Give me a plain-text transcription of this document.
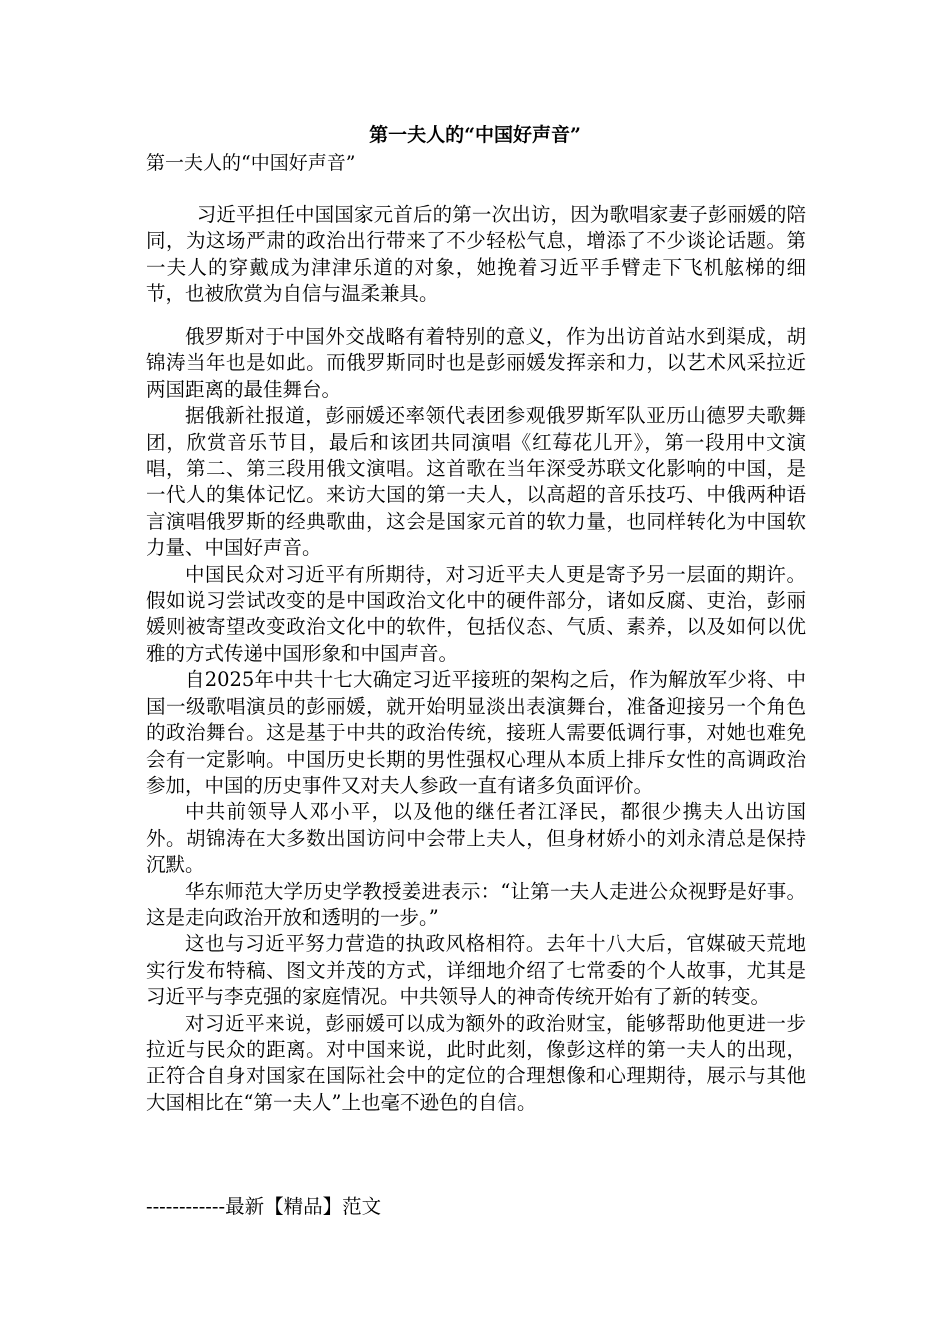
第一夫人的“中国好声音”

第一夫人的“中国好声音”

习近平担任中国国家元首后的第一次出访，因为歌唱家妻子彭丽媛的陪同，为这场严肃的政治出行带来了不少轻松气息，增添了不少谈论话题。第一夫人的穿戴成为津津乐道的对象，她挽着习近平手臂走下飞机舷梯的细节，也被欣赏为自信与温柔兼具。

俄罗斯对于中国外交战略有着特别的意义，作为出访首站水到渠成，胡锦涛当年也是如此。而俄罗斯同时也是彭丽媛发挥亲和力，以艺术风采拉近两国距离的最佳舞台。

据俄新社报道，彭丽媛还率领代表团参观俄罗斯军队亚历山德罗夫歌舞团，欣赏音乐节目，最后和该团共同演唱《红莓花儿开》，第一段用中文演唱，第二、第三段用俄文演唱。这首歌在当年深受苏联文化影响的中国，是一代人的集体记忆。来访大国的第一夫人，以高超的音乐技巧、中俄两种语言演唱俄罗斯的经典歌曲，这会是国家元首的软力量，也同样转化为中国软力量、中国好声音。

中国民众对习近平有所期待，对习近平夫人更是寄予另一层面的期许。假如说习尝试改变的是中国政治文化中的硬件部分，诸如反腐、吏治，彭丽媛则被寄望改变政治文化中的软件，包括仪态、气质、素养，以及如何以优雅的方式传递中国形象和中国声音。

自2025年中共十七大确定习近平接班的架构之后，作为解放军少将、中国一级歌唱演员的彭丽媛，就开始明显淡出表演舞台，准备迎接另一个角色的政治舞台。这是基于中共的政治传统，接班人需要低调行事，对她也难免会有一定影响。中国历史长期的男性强权心理从本质上排斥女性的高调政治参加，中国的历史事件又对夫人参政一直有诸多负面评价。

中共前领导人邓小平，以及他的继任者江泽民，都很少携夫人出访国外。胡锦涛在大多数出国访问中会带上夫人，但身材娇小的刘永清总是保持沉默。

华东师范大学历史学教授姜进表示：“让第一夫人走进公众视野是好事。这是走向政治开放和透明的一步。”

这也与习近平努力营造的执政风格相符。去年十八大后，官媒破天荒地实行发布特稿、图文并茂的方式，详细地介绍了七常委的个人故事，尤其是习近平与李克强的家庭情况。中共领导人的神奇传统开始有了新的转变。

对习近平来说，彭丽媛可以成为额外的政治财宝，能够帮助他更进一步拉近与民众的距离。对中国来说，此时此刻，像彭这样的第一夫人的出现，正符合自身对国家在国际社会中的定位的合理想像和心理期待，展示与其他大国相比在“第一夫人”上也毫不逊色的自信。

------------最新【精品】范文
